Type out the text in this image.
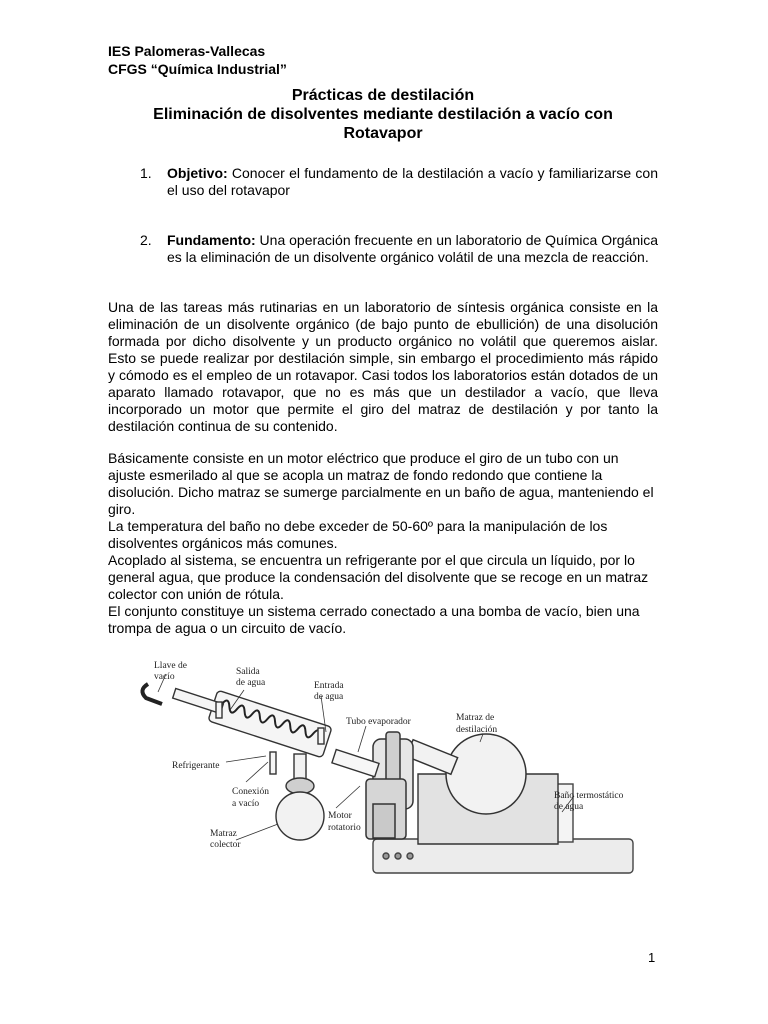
IES Palomeras-Vallecas
CFGS “Química Industrial”
Prácticas de destilación
Eliminación de disolventes mediante destilación a vacío con
Rotavapor
1. Objetivo: Conocer el fundamento de la destilación a vacío y familiarizarse con el uso del rotavapor
2. Fundamento: Una operación frecuente en un laboratorio de Química Orgánica es la eliminación de un disolvente orgánico volátil de una mezcla de reacción.
Una de las tareas más rutinarias en un laboratorio de síntesis orgánica consiste en la eliminación de un disolvente orgánico (de bajo punto de ebullición) de una disolución formada por dicho disolvente y un producto orgánico no volátil que queremos aislar. Esto se puede realizar por destilación simple, sin embargo el procedimiento más rápido y cómodo es el empleo de un rotavapor. Casi todos los laboratorios están dotados de un aparato llamado rotavapor, que no es más que un destilador a vacío, que lleva incorporado un motor que permite el giro del matraz de destilación y por tanto la destilación continua de su contenido.

Básicamente consiste en un motor eléctrico que produce el giro de un tubo con un ajuste esmerilado al que se acopla un matraz de fondo redondo que contiene la disolución. Dicho matraz se sumerge parcialmente en un baño de agua, manteniendo el giro.

La temperatura del baño no debe exceder de 50-60º para la manipulación de los disolventes orgánicos más comunes.

Acoplado al sistema, se encuentra un refrigerante por el que circula un líquido, por lo general agua, que produce la condensación del disolvente que se recoge en un matraz colector con unión de rótula.

El conjunto constituye un sistema cerrado conectado a una bomba de vacío, bien una trompa de agua o un circuito de vacío.

Llave de
vacío	Salida
de agua	Entrada
de agua
Tubo evaporador	Matraz de
destilación
Refrigerante
Conexión
a vacío
Motor
rotatorio
Baño termostático
de agua
Matraz
colector
1
